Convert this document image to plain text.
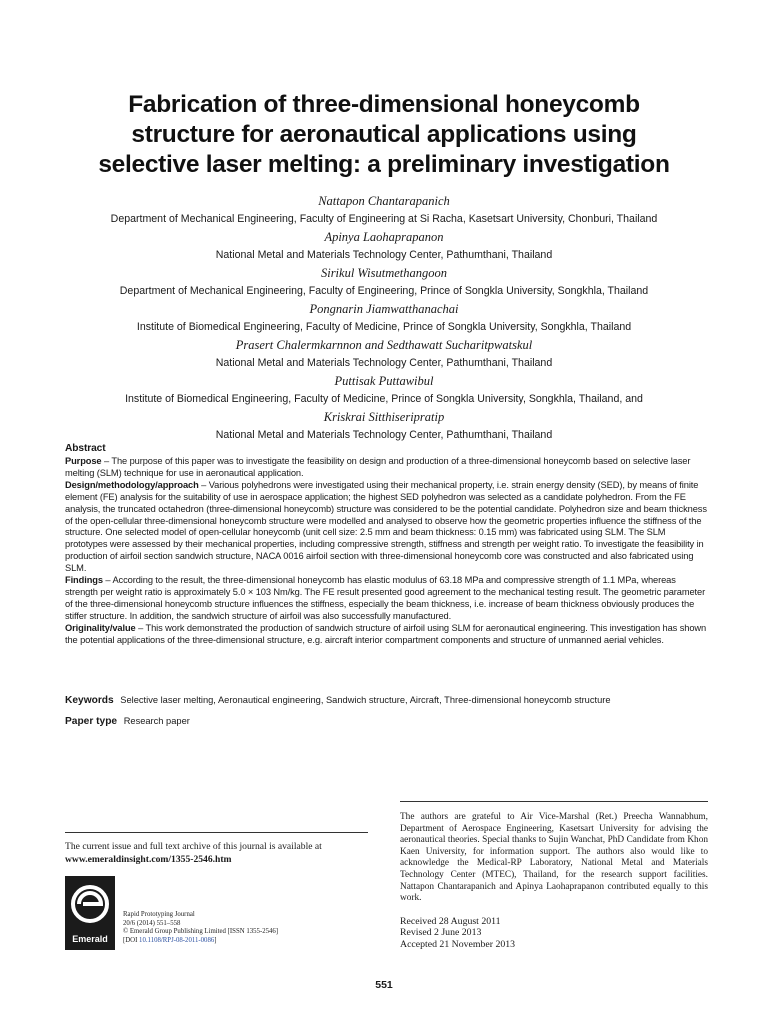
Fabrication of three-dimensional honeycomb
structure for aeronautical applications using
selective laser melting: a preliminary investigation
Nattapon Chantarapanich
Department of Mechanical Engineering, Faculty of Engineering at Si Racha, Kasetsart University, Chonburi, Thailand
Apinya Laohaprapanon
National Metal and Materials Technology Center, Pathumthani, Thailand
Sirikul Wisutmethangoon
Department of Mechanical Engineering, Faculty of Engineering, Prince of Songkla University, Songkhla, Thailand
Pongnarin Jiamwatthanachai
Institute of Biomedical Engineering, Faculty of Medicine, Prince of Songkla University, Songkhla, Thailand
Prasert Chalermkarnnon and Sedthawatt Sucharitpwatskul
National Metal and Materials Technology Center, Pathumthani, Thailand
Puttisak Puttawibul
Institute of Biomedical Engineering, Faculty of Medicine, Prince of Songkla University, Songkhla, Thailand, and
Kriskrai Sitthiseripratip
National Metal and Materials Technology Center, Pathumthani, Thailand
Abstract

Purpose – The purpose of this paper was to investigate the feasibility on design and production of a three-dimensional honeycomb based on selective laser melting (SLM) technique for use in aeronautical application.

Design/methodology/approach – Various polyhedrons were investigated using their mechanical property, i.e. strain energy density (SED), by means of finite element (FE) analysis for the suitability of use in aerospace application; the highest SED polyhedron was selected as a candidate polyhedron. From the FE analysis, the truncated octahedron (three-dimensional honeycomb) structure was considered to be the potential candidate. Polyhedron size and beam thickness of the open-cellular three-dimensional honeycomb structure were modelled and analysed to observe how the geometric properties influence the stiffness of the structure. One selected model of open-cellular honeycomb (unit cell size: 2.5 mm and beam thickness: 0.15 mm) was fabricated using SLM. The SLM prototypes were assessed by their mechanical properties, including compressive strength, stiffness and strength per weight ratio. To investigate the feasibility in production of airfoil section sandwich structure, NACA 0016 airfoil section with three-dimensional honeycomb core was constructed and also fabricated using SLM.

Findings – According to the result, the three-dimensional honeycomb has elastic modulus of 63.18 MPa and compressive strength of 1.1 MPa, whereas strength per weight ratio is approximately 5.0 × 103 Nm/kg. The FE result presented good agreement to the mechanical testing result. The geometric parameter of the three-dimensional honeycomb structure influences the stiffness, especially the beam thickness, i.e. increase of beam thickness obviously produces the stiffer structure. In addition, the sandwich structure of airfoil was also successfully manufactured.

Originality/value – This work demonstrated the production of sandwich structure of airfoil using SLM for aeronautical engineering. This investigation has shown the potential applications of the three-dimensional structure, e.g. aircraft interior compartment components and structure of unmanned aerial vehicles.

Keywords Selective laser melting, Aeronautical engineering, Sandwich structure, Aircraft, Three-dimensional honeycomb structure
Paper type Research paper
The current issue and full text archive of this journal is available at
www.emeraldinsight.com/1355-2546.htm
Emerald
Rapid Prototyping Journal
20/6 (2014) 551–558
© Emerald Group Publishing Limited [ISSN 1355-2546]
[DOI 10.1108/RPJ-08-2011-0086]
The authors are grateful to Air Vice-Marshal (Ret.) Preecha Wannabhum, Department of Aerospace Engineering, Kasetsart University for advising the aeronautical theories. Special thanks to Sujin Wanchat, PhD Candidate from Khon Kaen University, for information support. The authors also would like to acknowledge the Medical-RP Laboratory, National Metal and Materials Technology Center (MTEC), Thailand, for the research support facilities. Nattapon Chantarapanich and Apinya Laohaprapanon contributed equally to this work.
Received 28 August 2011
Revised 2 June 2013
Accepted 21 November 2013
551
